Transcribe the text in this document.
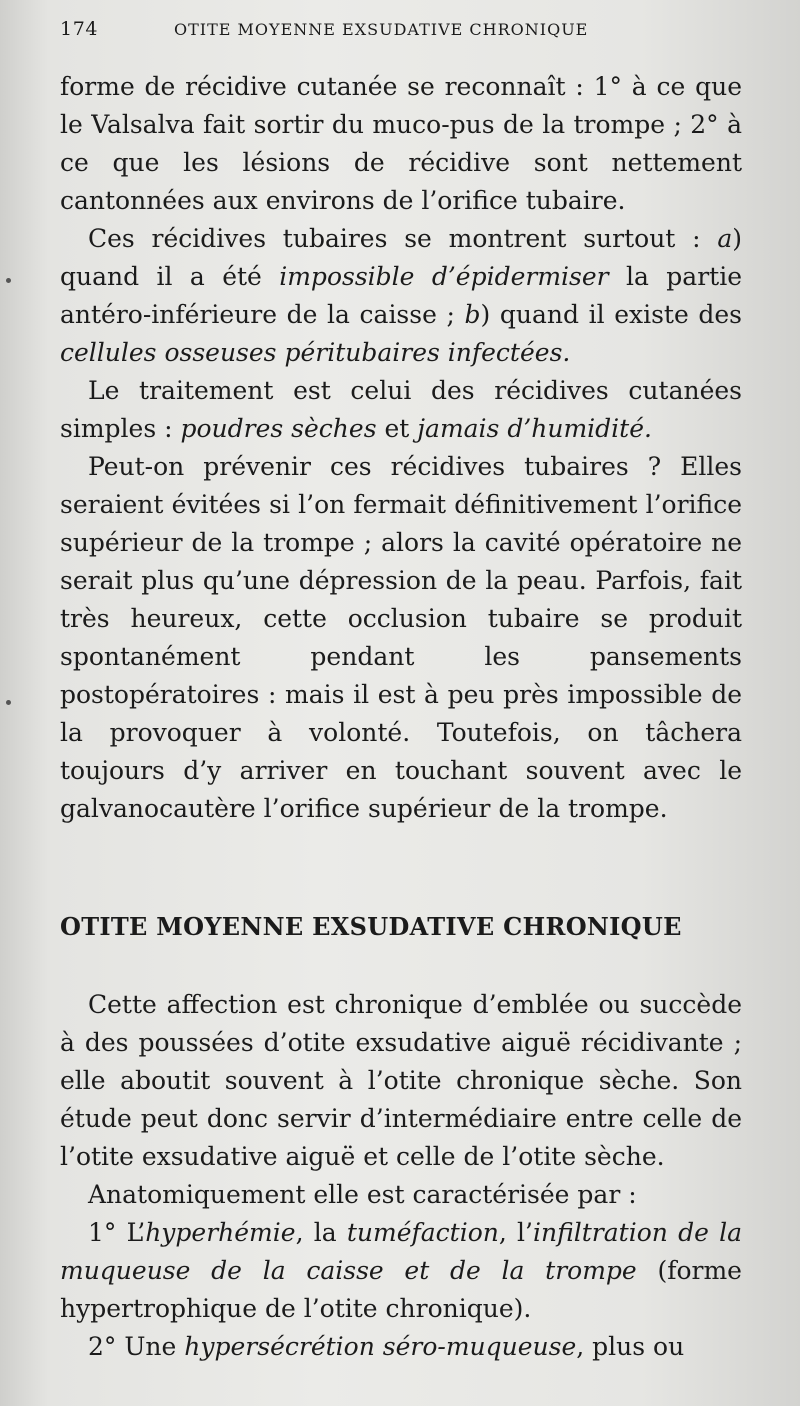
174	OTITE MOYENNE EXSUDATIVE CHRONIQUE

forme de récidive cutanée se reconnaît : 1° à ce que le Valsalva fait sortir du muco-pus de la trompe ; 2° à ce que les lésions de récidive sont nettement cantonnées aux environs de l’orifice tubaire.

Ces récidives tubaires se montrent surtout : a) quand il a été impossible d’épidermiser la partie antéro-inférieure de la caisse ; b) quand il existe des cellules osseuses péritubaires infectées.

Le traitement est celui des récidives cutanées simples : poudres sèches et jamais d’humidité.

Peut-on prévenir ces récidives tubaires ? Elles seraient évitées si l’on fermait définitivement l’orifice supérieur de la trompe ; alors la cavité opératoire ne serait plus qu’une dépression de la peau. Parfois, fait très heureux, cette occlusion tubaire se produit spontanément pendant les pansements postopératoires : mais il est à peu près impossible de la provoquer à volonté. Toutefois, on tâchera toujours d’y arriver en touchant souvent avec le galvanocautère l’orifice supérieur de la trompe.

OTITE MOYENNE EXSUDATIVE CHRONIQUE

Cette affection est chronique d’emblée ou succède à des poussées d’otite exsudative aiguë récidivante ; elle aboutit souvent à l’otite chronique sèche. Son étude peut donc servir d’intermédiaire entre celle de l’otite exsudative aiguë et celle de l’otite sèche.

Anatomiquement elle est caractérisée par :

1° L’hyperhémie, la tuméfaction, l’infiltration de la muqueuse de la caisse et de la trompe (forme hypertrophique de l’otite chronique).

2° Une hypersécrétion séro-muqueuse, plus ou
